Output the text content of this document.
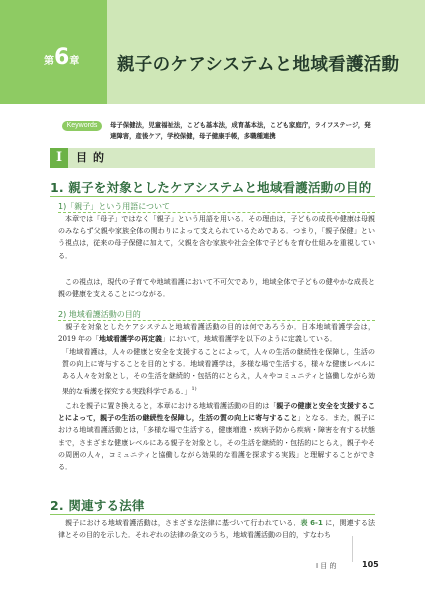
第6章 親子のケアシステムと地域看護活動
Keywords	母子保健法，児童福祉法，こども基本法，成育基本法，こども家庭庁，ライフステージ，発達障害，産後ケア，学校保健，母子健康手帳，多職種連携
Ⅰ	目的
1. 親子を対象としたケアシステムと地域看護活動の目的
1)「親子」という用語について
本章では「母子」ではなく「親子」という用語を用いる．その理由は，子どもの成長や健康は母親のみならず父親や家族全体の関わりによって支えられているためである．つまり，「親子保健」という視点は，従来の母子保健に加えて，父親を含む家族や社会全体で子どもを育む仕組みを重視している．
この視点は，現代の子育てや地域看護において不可欠であり，地域全体で子どもの健やかな成長と親の健康を支えることにつながる．
2) 地域看護活動の目的
親子を対象としたケアシステムと地域看護活動の目的は何であろうか．日本地域看護学会は，2019 年の「地域看護学の再定義」において，地域看護学を以下のように定義している．
「地域看護は，人々の健康と安全を支援することによって，人々の生活の継続性を保障し，生活の質の向上に寄与することを目的とする．地域看護学は，多様な場で生活する，様々な健康レベルにある人々を対象とし，その生活を継続的・包括的にとらえ，人々やコミュニティと協働しながら効果的な看護を探究する実践科学である．」$^{1)}$
これを親子に置き換えると，本章における地域看護活動の目的は「親子の健康と安全を支援することによって，親子の生活の継続性を保障し，生活の質の向上に寄与すること」となる．また，親子における地域看護活動とは，「多様な場で生活する，健康増進・疾病予防から疾病・障害を有する状態まで，さまざまな健康レベルにある親子を対象とし，その生活を継続的・包括的にとらえ，親子やその周囲の人々，コミュニティと協働しながら効果的な看護を探求する実践」と理解することができる．
2. 関連する法律
親子における地域看護活動は，さまざまな法律に基づいて行われている．表 6-1 に，関連する法律とその目的を示した．それぞれの法律の条文のうち，地域看護活動の目的，すなわち
Ⅰ 目 的	105
